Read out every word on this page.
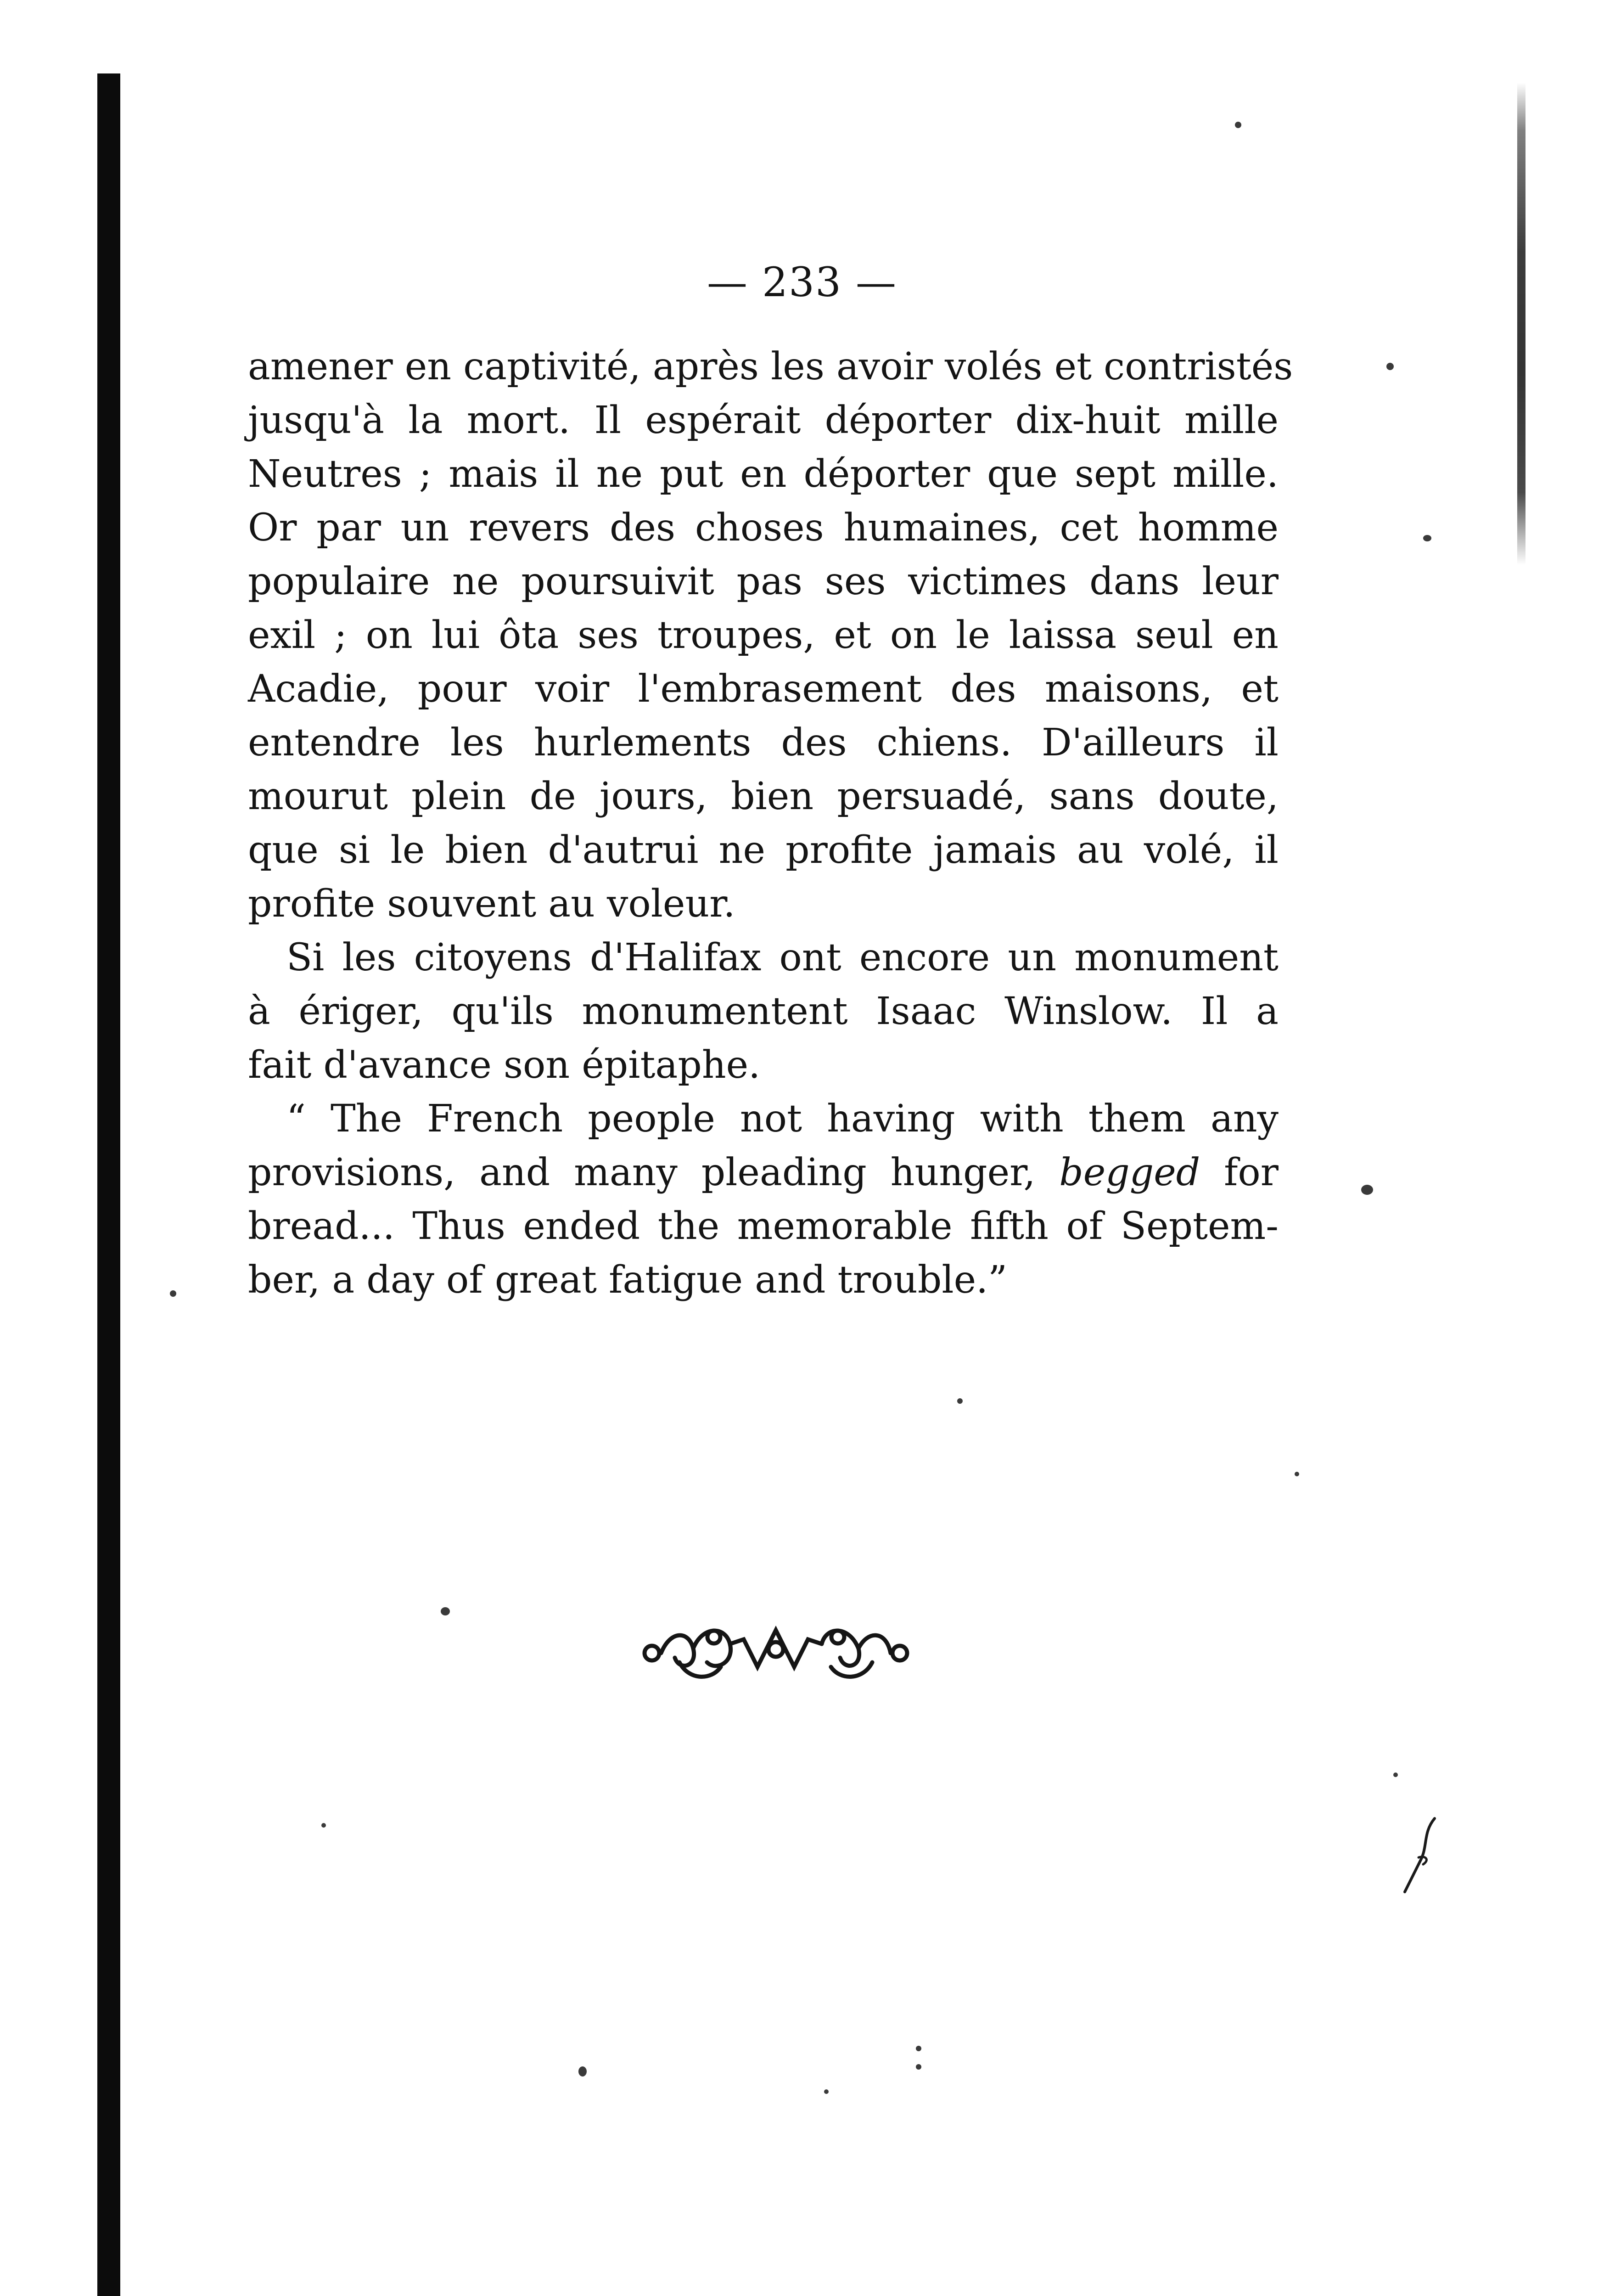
— 233 —
amener en captivité, après les avoir volés et contristés
jusqu'à la mort. Il espérait déporter dix-huit mille
Neutres ; mais il ne put en déporter que sept mille.
Or par un revers des choses humaines, cet homme
populaire ne poursuivit pas ses victimes dans leur
exil ; on lui ôta ses troupes, et on le laissa seul en
Acadie, pour voir l'embrasement des maisons, et
entendre les hurlements des chiens. D'ailleurs il
mourut plein de jours, bien persuadé, sans doute,
que si le bien d'autrui ne profite jamais au volé, il
profite souvent au voleur.
Si les citoyens d'Halifax ont encore un monument
à ériger, qu'ils monumentent Isaac Winslow. Il a
fait d'avance son épitaphe.
“ The French people not having with them any
provisions, and many pleading hunger, begged for
bread... Thus ended the memorable fifth of Septem-
ber, a day of great fatigue and trouble.”
